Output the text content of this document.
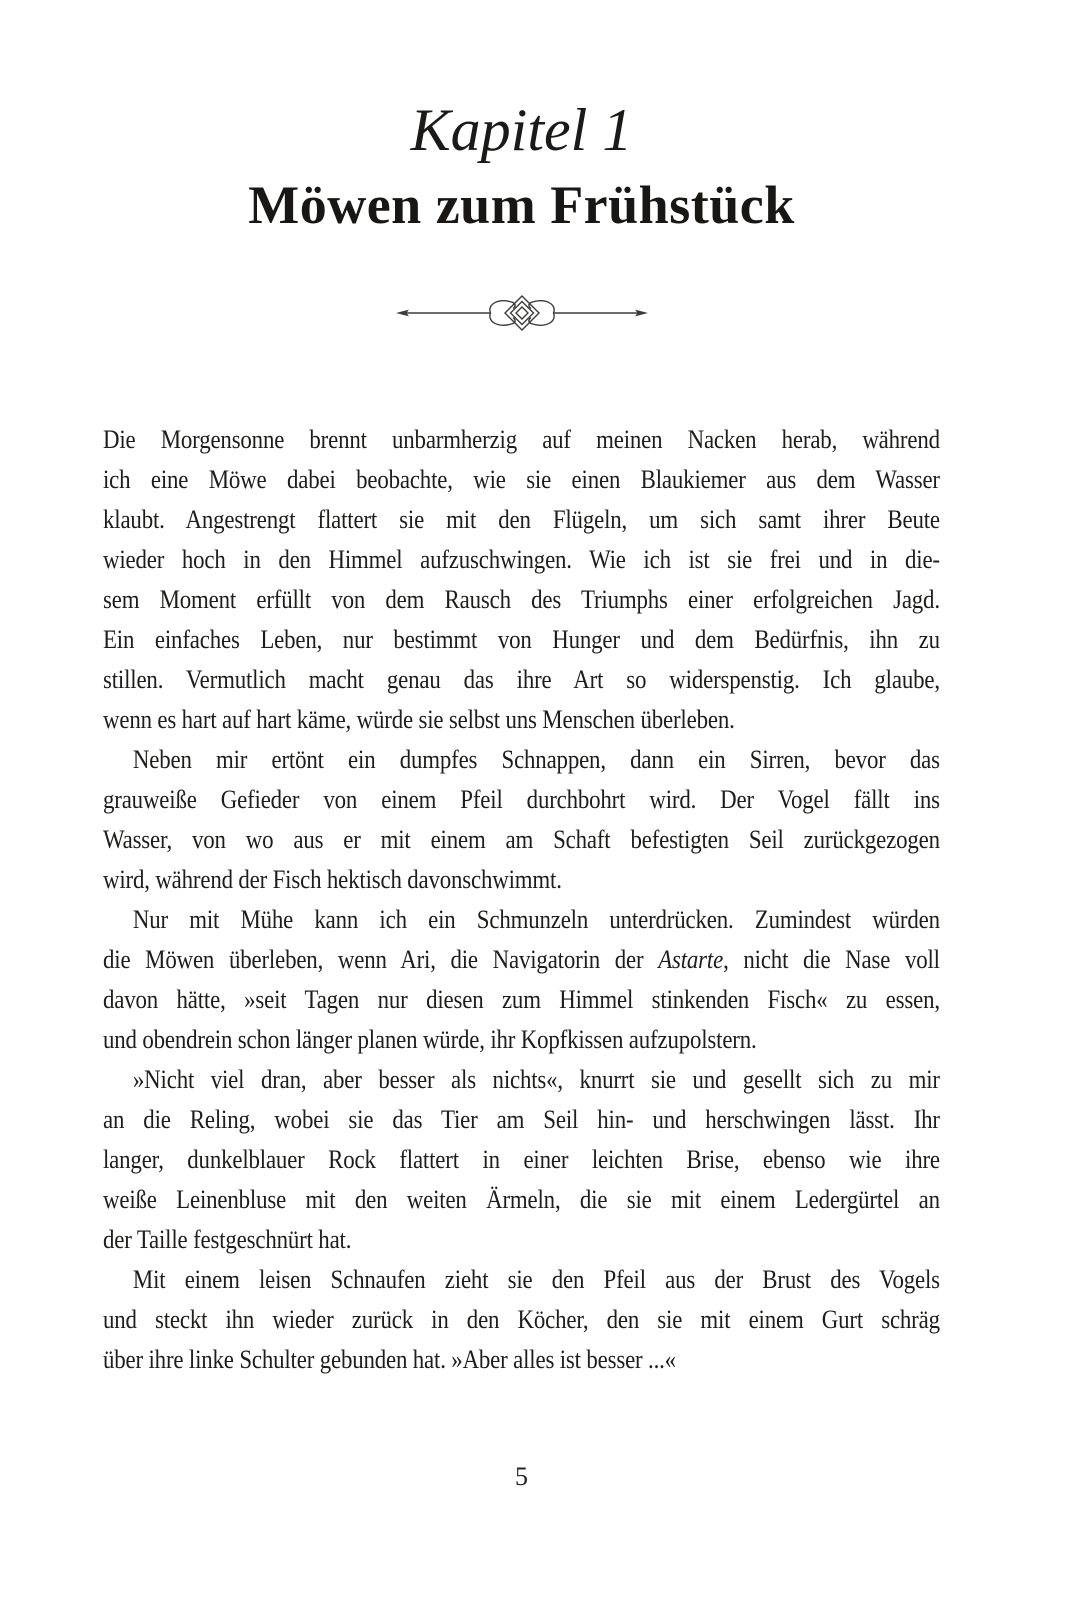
Kapitel 1
Möwen zum Frühstück
Die Morgensonne brennt unbarmherzig auf meinen Nacken herab, während
ich eine Möwe dabei beobachte, wie sie einen Blaukiemer aus dem Wasser
klaubt. Angestrengt flattert sie mit den Flügeln, um sich samt ihrer Beute
wieder hoch in den Himmel aufzuschwingen. Wie ich ist sie frei und in die-
sem Moment erfüllt von dem Rausch des Triumphs einer erfolgreichen Jagd.
Ein einfaches Leben, nur bestimmt von Hunger und dem Bedürfnis, ihn zu
stillen. Vermutlich macht genau das ihre Art so widerspenstig. Ich glaube,
wenn es hart auf hart käme, würde sie selbst uns Menschen überleben.
Neben mir ertönt ein dumpfes Schnappen, dann ein Sirren, bevor das
grauweiße Gefieder von einem Pfeil durchbohrt wird. Der Vogel fällt ins
Wasser, von wo aus er mit einem am Schaft befestigten Seil zurückgezogen
wird, während der Fisch hektisch davonschwimmt.
Nur mit Mühe kann ich ein Schmunzeln unterdrücken. Zumindest würden
die Möwen überleben, wenn Ari, die Navigatorin der Astarte, nicht die Nase voll
davon hätte, »seit Tagen nur diesen zum Himmel stinkenden Fisch« zu essen,
und obendrein schon länger planen würde, ihr Kopfkissen aufzupolstern.
»Nicht viel dran, aber besser als nichts«, knurrt sie und gesellt sich zu mir
an die Reling, wobei sie das Tier am Seil hin- und herschwingen lässt. Ihr
langer, dunkelblauer Rock flattert in einer leichten Brise, ebenso wie ihre
weiße Leinenbluse mit den weiten Ärmeln, die sie mit einem Ledergürtel an
der Taille festgeschnürt hat.
Mit einem leisen Schnaufen zieht sie den Pfeil aus der Brust des Vogels
und steckt ihn wieder zurück in den Köcher, den sie mit einem Gurt schräg
über ihre linke Schulter gebunden hat. »Aber alles ist besser ...«
5
